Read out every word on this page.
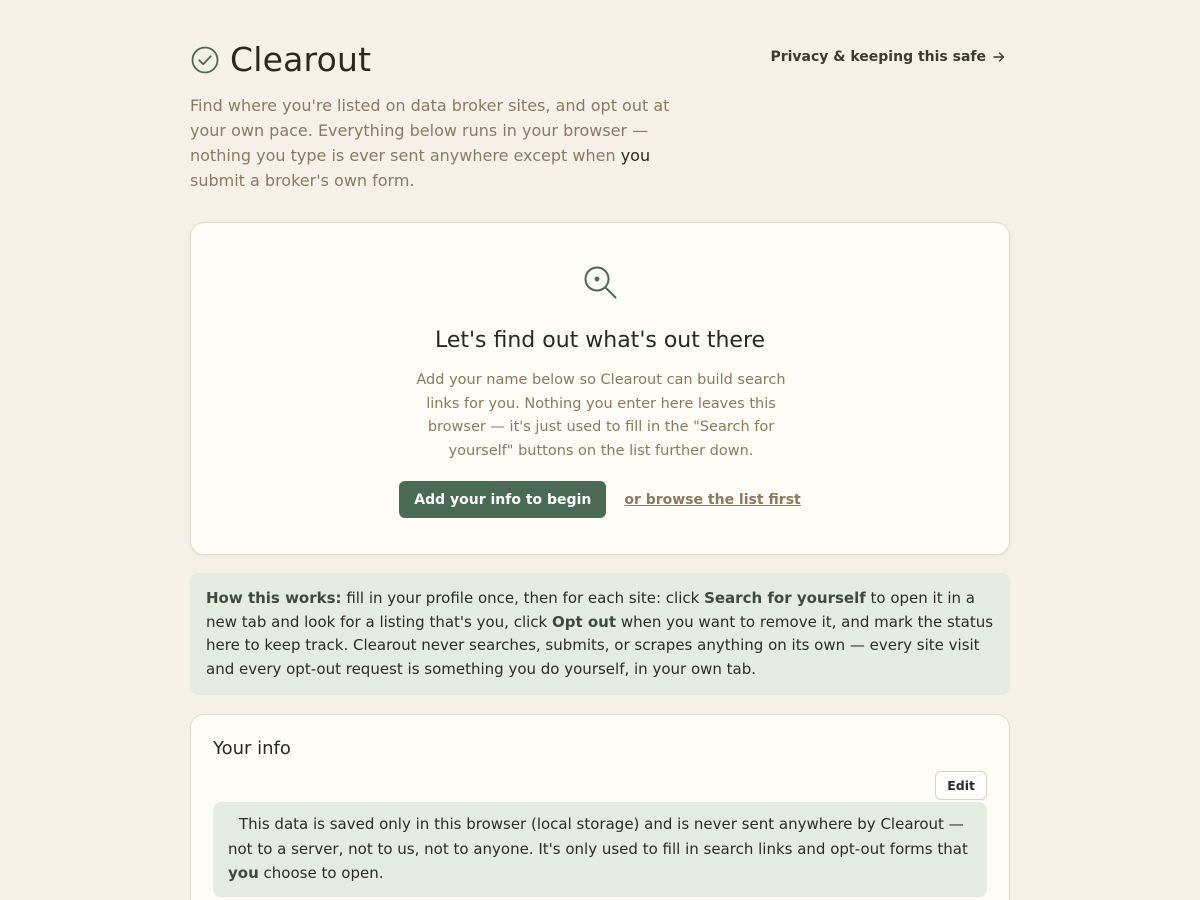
Clearout	Privacy & keeping this safe

Find where you're listed on data broker sites, and opt out at your own pace. Everything below runs in your browser — nothing you type is ever sent anywhere except when you submit a broker's own form.

Let's find out what's out there

Add your name below so Clearout can build search links for you. Nothing you enter here leaves this browser — it's just used to fill in the "Search for yourself" buttons on the list further down.

Add your info to begin	or browse the list first
How this works: fill in your profile once, then for each site: click Search for yourself to open it in a new tab and look for a listing that's you, click Opt out when you want to remove it, and mark the status here to keep track. Clearout never searches, submits, or scrapes anything on its own — every site visit and every opt-out request is something you do yourself, in your own tab.
Your info
Edit
This data is saved only in this browser (local storage) and is never sent anywhere by Clearout — not to a server, not to us, not to anyone. It's only used to fill in search links and opt-out forms that you choose to open.
